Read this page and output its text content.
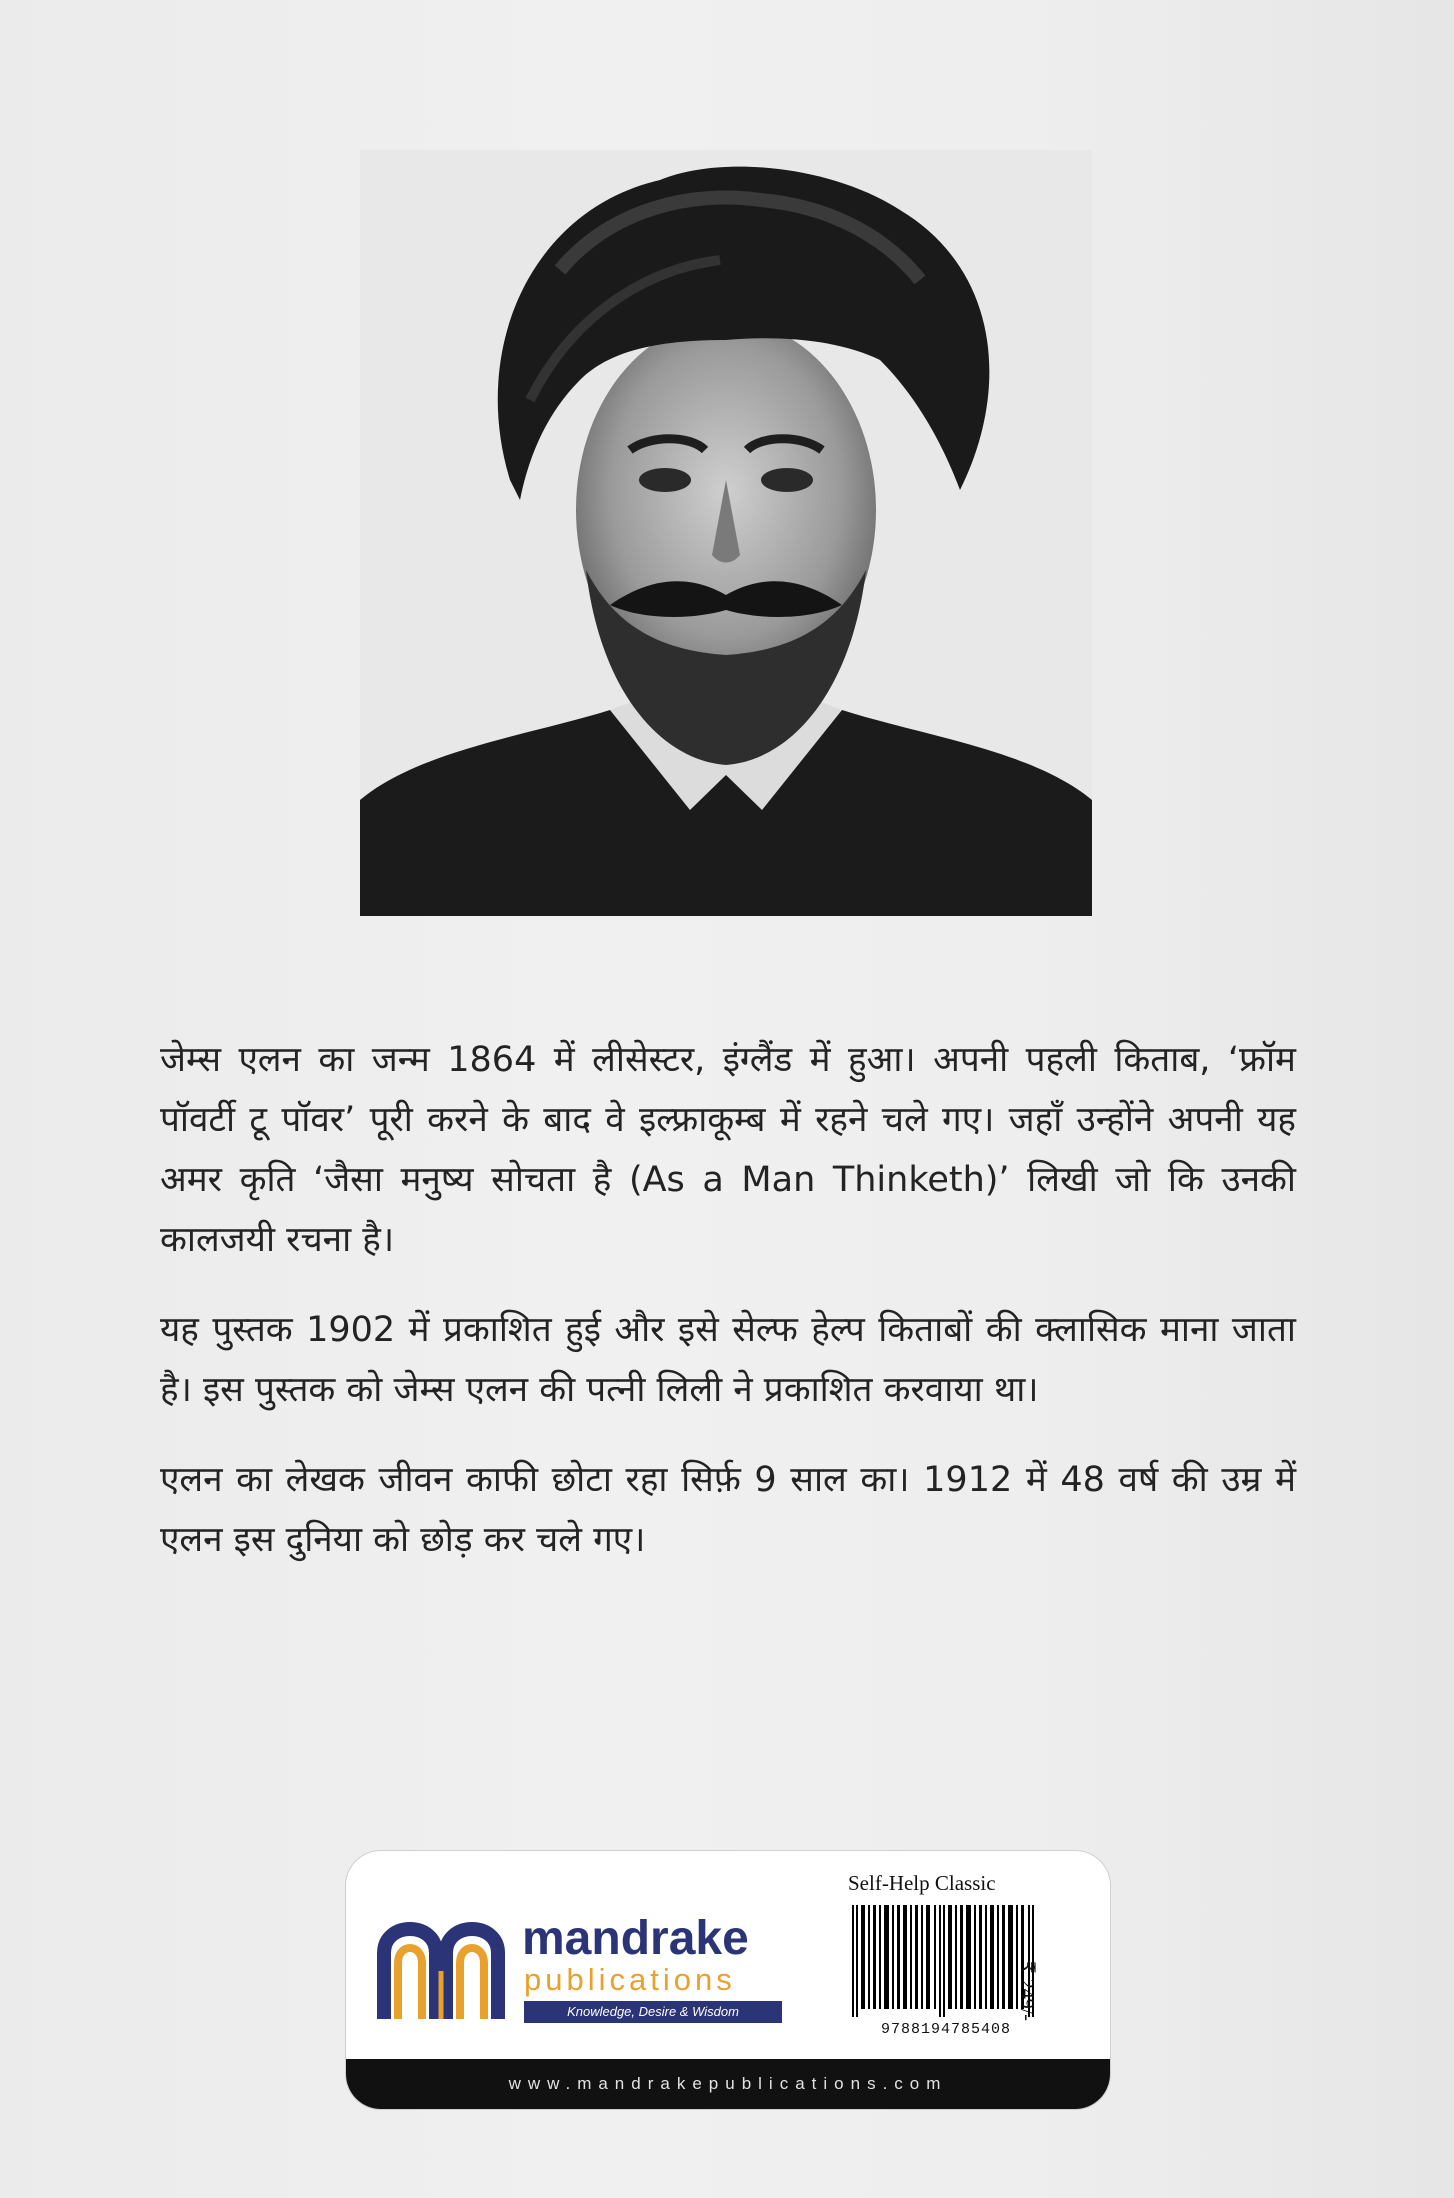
जेम्स एलन का जन्म 1864 में लीसेस्टर, इंग्लैंड में हुआ। अपनी पहली किताब, ‘फ्रॉम पॉवर्टी टू पॉवर’ पूरी करने के बाद वे इल्फ्राकूम्ब में रहने चले गए। जहाँ उन्होंने अपनी यह अमर कृति ‘जैसा मनुष्य सोचता है (As a Man Thinketh)’ लिखी जो कि उनकी कालजयी रचना है।

यह पुस्तक 1902 में प्रकाशित हुई और इसे सेल्फ हेल्प किताबों की क्लासिक माना जाता है। इस पुस्तक को जेम्स एलन की पत्नी लिली ने प्रकाशित करवाया था।

एलन का लेखक जीवन काफी छोटा रहा सिर्फ़ 9 साल का। 1912 में 48 वर्ष की उम्र में एलन इस दुनिया को छोड़ कर चले गए।

mandrake
publications
Knowledge, Desire & Wisdom
Self-Help Classic
9788194785408
₹ 249/-
www.mandrakepublications.com
